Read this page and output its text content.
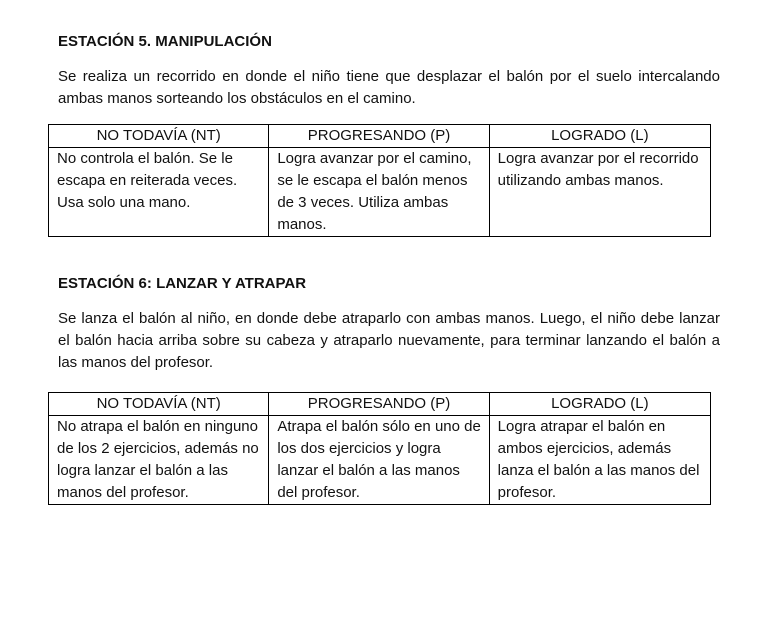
ESTACIÓN 5. MANIPULACIÓN

Se realiza un recorrido en donde el niño tiene que desplazar el balón por el suelo intercalando ambas manos sorteando los obstáculos en el camino.

NO TODAVÍA (NT)	PROGRESANDO (P)	LOGRADO (L)
No controla el balón. Se le escapa en reiterada veces. Usa solo una mano.	Logra avanzar por el camino, se le escapa el balón menos de 3 veces. Utiliza ambas manos.	Logra avanzar por el recorrido utilizando ambas manos.
ESTACIÓN 6: LANZAR Y ATRAPAR

Se lanza el balón al niño, en donde debe atraparlo con ambas manos. Luego, el niño debe lanzar el balón hacia arriba sobre su cabeza y atraparlo nuevamente, para terminar lanzando el balón a las manos del profesor.

NO TODAVÍA (NT)	PROGRESANDO (P)	LOGRADO (L)
No atrapa el balón en ninguno de los 2 ejercicios, además no logra lanzar el balón a las manos del profesor.	Atrapa el balón sólo en uno de los dos ejercicios y logra lanzar el balón a las manos del profesor.	Logra atrapar el balón en ambos ejercicios, además lanza el balón a las manos del profesor.
